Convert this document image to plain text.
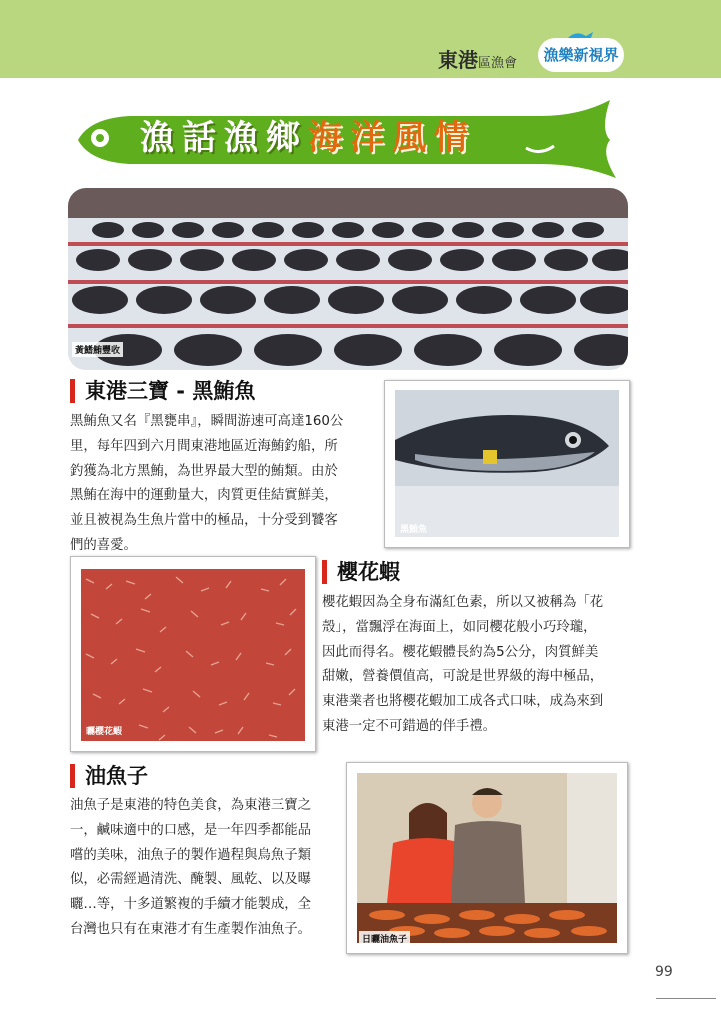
東港區漁會	漁樂新視界
漁話漁鄉海洋風情
黃鰭鮪豐收
黑鮪魚
東港三寶 - 黑鮪魚
黑鮪魚又名『黑甕串』，瞬間游速可高達160公
里，每年四到六月間東港地區近海鮪釣船，所
釣獲為北方黑鮪，為世界最大型的鮪類。由於
黑鮪在海中的運動量大，肉質更佳結實鮮美，
並且被視為生魚片當中的極品，十分受到饕客
們的喜愛。
曬櫻花蝦
櫻花蝦
櫻花蝦因為全身布滿紅色素，所以又被稱為「花
殼」，當飄浮在海面上，如同櫻花般小巧玲瓏，
因此而得名。櫻花蝦體長約為5公分，肉質鮮美
甜嫩，營養價值高，可說是世界級的海中極品，
東港業者也將櫻花蝦加工成各式口味，成為來到
東港一定不可錯過的伴手禮。
油魚子
油魚子是東港的特色美食，為東港三寶之
一，鹹味適中的口感，是一年四季都能品
嚐的美味，油魚子的製作過程與烏魚子類
似，必需經過清洗、醃製、風乾、以及曝
曬…等，十多道繁複的手續才能製成，全
台灣也只有在東港才有生產製作油魚子。
日曬油魚子
99
